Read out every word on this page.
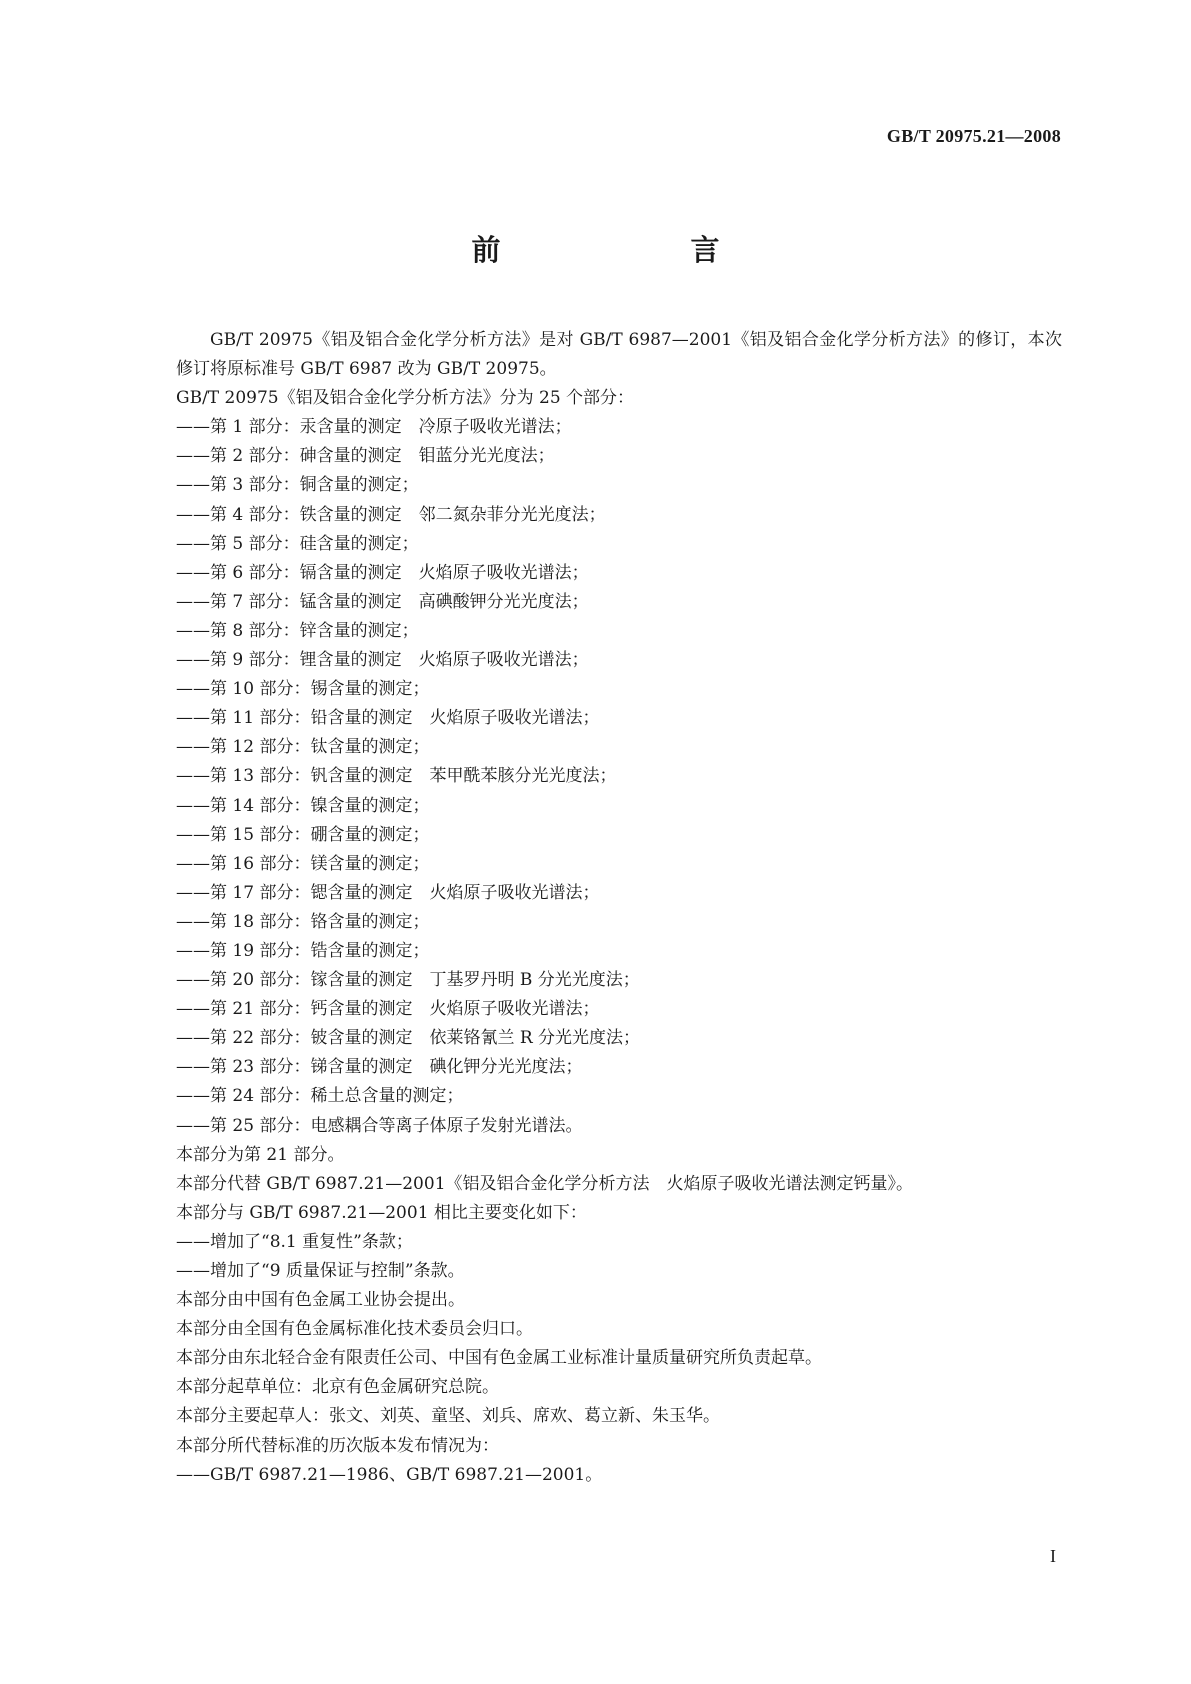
GB/T 20975.21—2008
前　　言

GB/T 20975《铝及铝合金化学分析方法》是对 GB/T 6987—2001《铝及铝合金化学分析方法》的修订，本次修订将原标准号 GB/T 6987 改为 GB/T 20975。

GB/T 20975《铝及铝合金化学分析方法》分为 25 个部分：

——第 1 部分：汞含量的测定　冷原子吸收光谱法；

——第 2 部分：砷含量的测定　钼蓝分光光度法；

——第 3 部分：铜含量的测定；

——第 4 部分：铁含量的测定　邻二氮杂菲分光光度法；

——第 5 部分：硅含量的测定；

——第 6 部分：镉含量的测定　火焰原子吸收光谱法；

——第 7 部分：锰含量的测定　高碘酸钾分光光度法；

——第 8 部分：锌含量的测定；

——第 9 部分：锂含量的测定　火焰原子吸收光谱法；

——第 10 部分：锡含量的测定；

——第 11 部分：铅含量的测定　火焰原子吸收光谱法；

——第 12 部分：钛含量的测定；

——第 13 部分：钒含量的测定　苯甲酰苯胲分光光度法；

——第 14 部分：镍含量的测定；

——第 15 部分：硼含量的测定；

——第 16 部分：镁含量的测定；

——第 17 部分：锶含量的测定　火焰原子吸收光谱法；

——第 18 部分：铬含量的测定；

——第 19 部分：锆含量的测定；

——第 20 部分：镓含量的测定　丁基罗丹明 B 分光光度法；

——第 21 部分：钙含量的测定　火焰原子吸收光谱法；

——第 22 部分：铍含量的测定　依莱铬氰兰 R 分光光度法；

——第 23 部分：锑含量的测定　碘化钾分光光度法；

——第 24 部分：稀土总含量的测定；

——第 25 部分：电感耦合等离子体原子发射光谱法。

本部分为第 21 部分。

本部分代替 GB/T 6987.21—2001《铝及铝合金化学分析方法　火焰原子吸收光谱法测定钙量》。

本部分与 GB/T 6987.21—2001 相比主要变化如下：

——增加了“8.1 重复性”条款；

——增加了“9 质量保证与控制”条款。

本部分由中国有色金属工业协会提出。

本部分由全国有色金属标准化技术委员会归口。

本部分由东北轻合金有限责任公司、中国有色金属工业标准计量质量研究所负责起草。

本部分起草单位：北京有色金属研究总院。

本部分主要起草人：张文、刘英、童坚、刘兵、席欢、葛立新、朱玉华。

本部分所代替标准的历次版本发布情况为：

——GB/T 6987.21—1986、GB/T 6987.21—2001。

I
